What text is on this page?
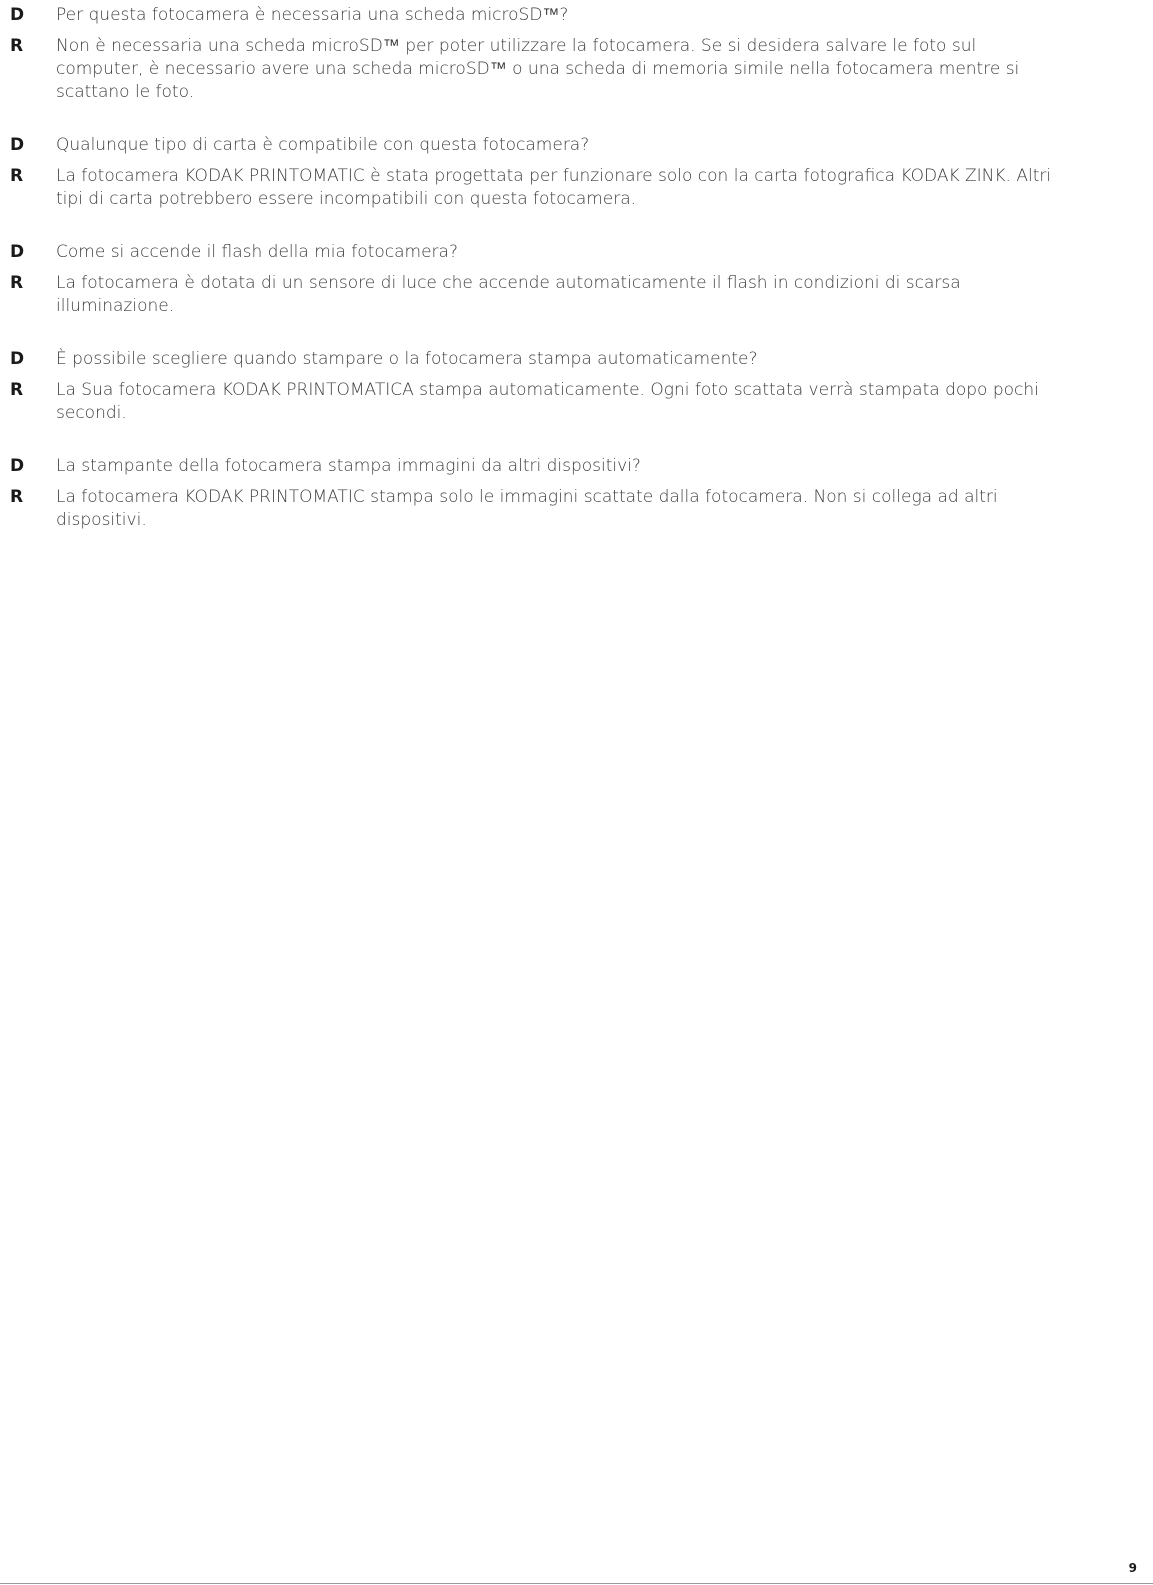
D	Per questa fotocamera è necessaria una scheda microSD™?
R	Non è necessaria una scheda microSD™ per poter utilizzare la fotocamera. Se si desidera salvare le foto sul computer, è necessario avere una scheda microSD™ o una scheda di memoria simile nella fotocamera mentre si scattano le foto.
D	Qualunque tipo di carta è compatibile con questa fotocamera?
R	La fotocamera KODAK PRINTOMATIC è stata progettata per funzionare solo con la carta fotografica KODAK ZINK. Altri tipi di carta potrebbero essere incompatibili con questa fotocamera.
D	Come si accende il flash della mia fotocamera?
R	La fotocamera è dotata di un sensore di luce che accende automaticamente il flash in condizioni di scarsa illuminazione.
D	È possibile scegliere quando stampare o la fotocamera stampa automaticamente?
R	La Sua fotocamera KODAK PRINTOMATICA stampa automaticamente. Ogni foto scattata verrà stampata dopo pochi secondi.
D	La stampante della fotocamera stampa immagini da altri dispositivi?
R	La fotocamera KODAK PRINTOMATIC stampa solo le immagini scattate dalla fotocamera. Non si collega ad altri dispositivi.
9
